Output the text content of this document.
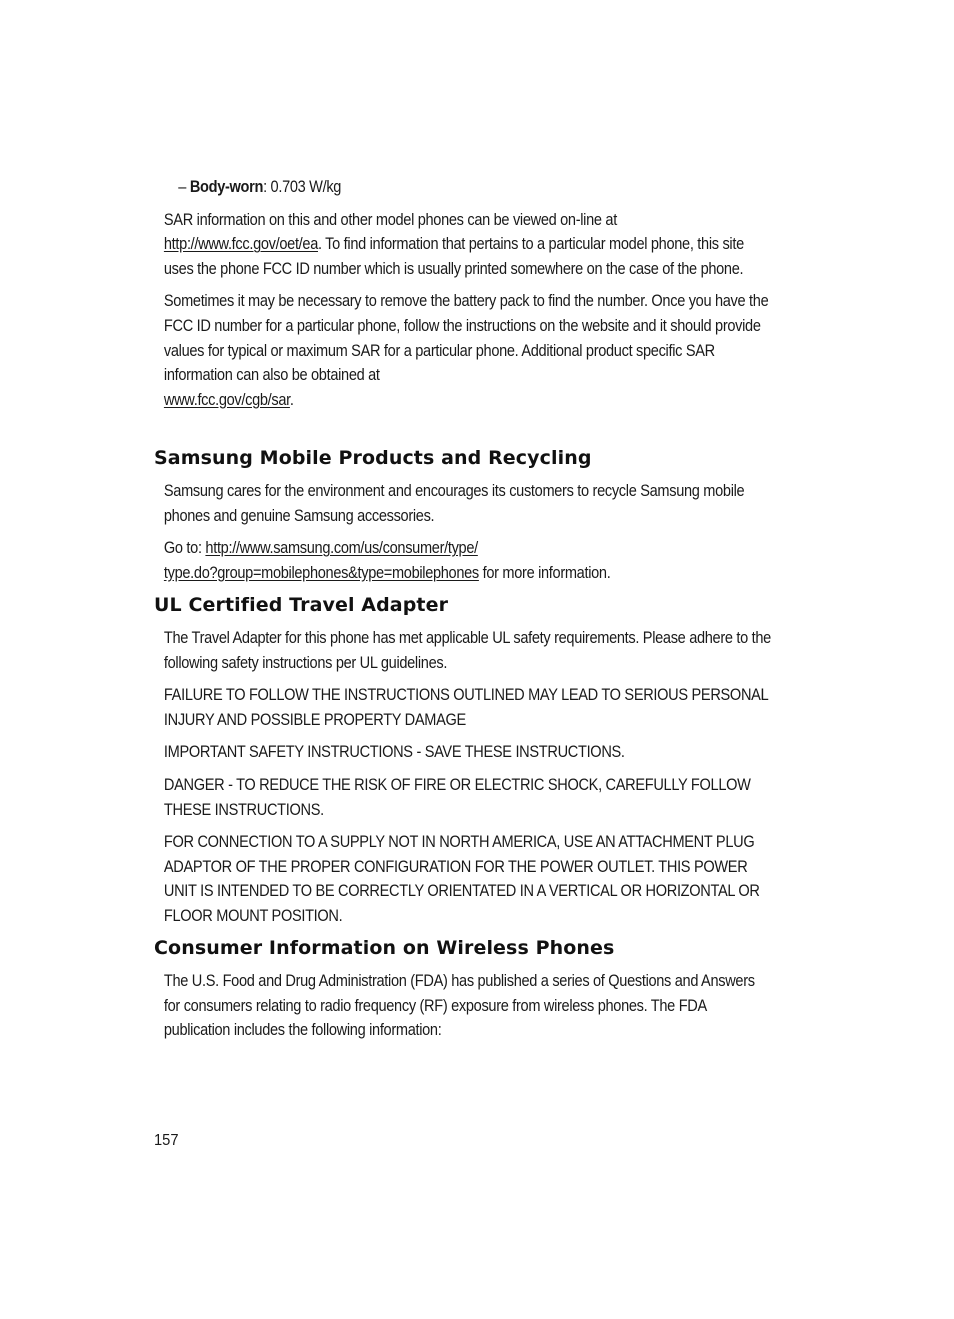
– Body-worn: 0.703 W/kg
SAR information on this and other model phones can be viewed on-line at
http://www.fcc.gov/oet/ea. To find information that pertains to a particular model phone, this site uses the phone FCC ID number which is usually printed somewhere on the case of the phone.
Sometimes it may be necessary to remove the battery pack to find the number. Once you have the FCC ID number for a particular phone, follow the instructions on the website and it should provide values for typical or maximum SAR for a particular phone. Additional product specific SAR information can also be obtained at
www.fcc.gov/cgb/sar.
Samsung Mobile Products and Recycling
Samsung cares for the environment and encourages its customers to recycle Samsung mobile phones and genuine Samsung accessories.
Go to: http://www.samsung.com/us/consumer/type/
type.do?group=mobilephones&type=mobilephones for more information.
UL Certified Travel Adapter
The Travel Adapter for this phone has met applicable UL safety requirements. Please adhere to the following safety instructions per UL guidelines.
FAILURE TO FOLLOW THE INSTRUCTIONS OUTLINED MAY LEAD TO SERIOUS PERSONAL INJURY AND POSSIBLE PROPERTY DAMAGE
IMPORTANT SAFETY INSTRUCTIONS - SAVE THESE INSTRUCTIONS.
DANGER - TO REDUCE THE RISK OF FIRE OR ELECTRIC SHOCK, CAREFULLY FOLLOW THESE INSTRUCTIONS.
FOR CONNECTION TO A SUPPLY NOT IN NORTH AMERICA, USE AN ATTACHMENT PLUG ADAPTOR OF THE PROPER CONFIGURATION FOR THE POWER OUTLET. THIS POWER UNIT IS INTENDED TO BE CORRECTLY ORIENTATED IN A VERTICAL OR HORIZONTAL OR FLOOR MOUNT POSITION.
Consumer Information on Wireless Phones
The U.S. Food and Drug Administration (FDA) has published a series of Questions and Answers for consumers relating to radio frequency (RF) exposure from wireless phones. The FDA publication includes the following information:
157
